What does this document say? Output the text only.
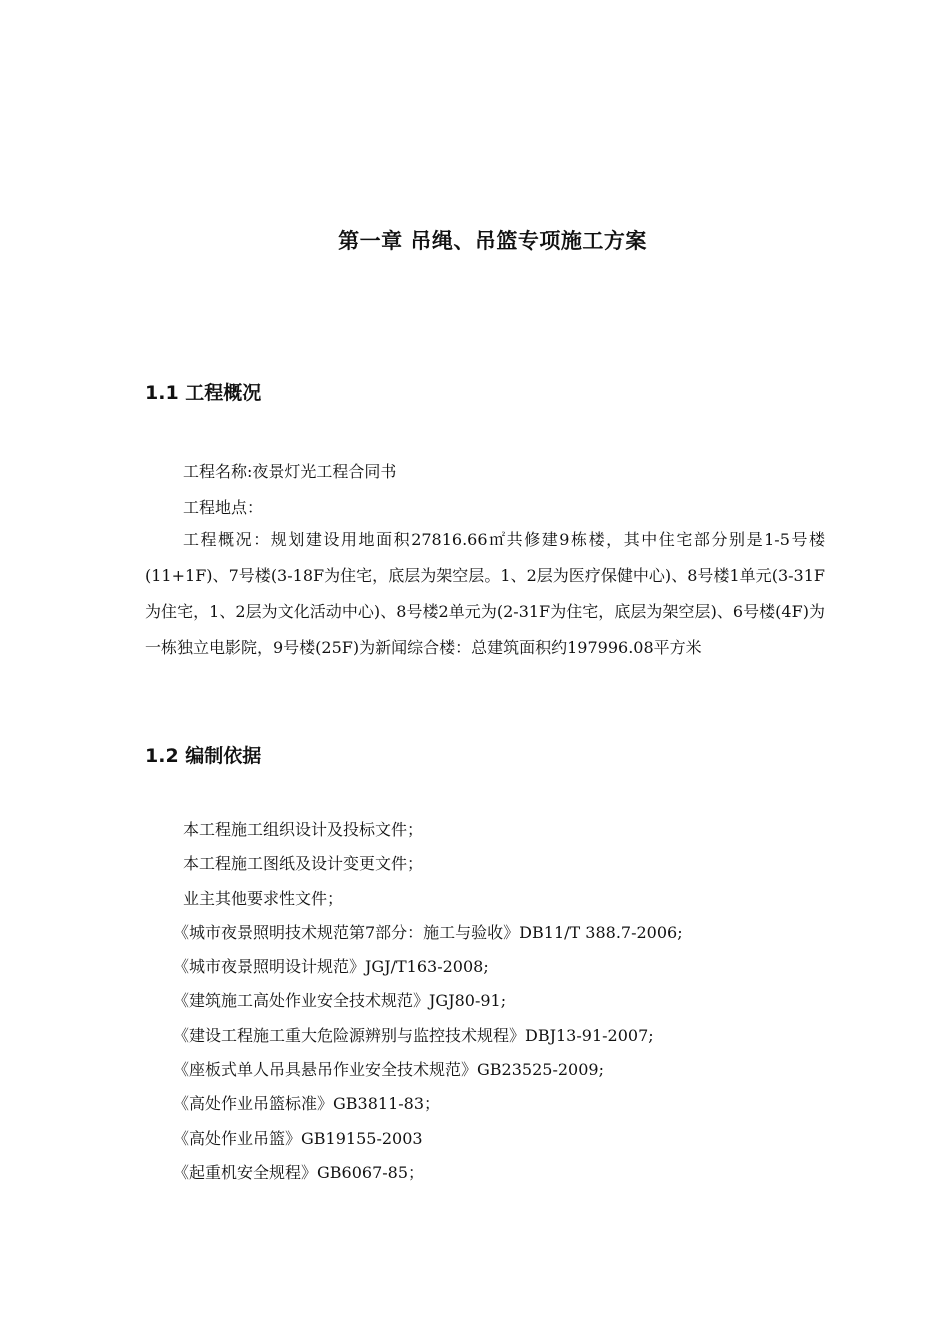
第一章 吊绳、吊篮专项施工方案
1.1 工程概况
工程名称:夜景灯光工程合同书
工程地点：

工程概况：规划建设用地面积27816.66㎡共修建9栋楼，其中住宅部分别是1-5号楼(11+1F)、7号楼(3-18F为住宅，底层为架空层。1、2层为医疗保健中心)、8号楼1单元(3-31F为住宅，1、2层为文化活动中心)、8号楼2单元为(2-31F为住宅，底层为架空层)、6号楼(4F)为一栋独立电影院，9号楼(25F)为新闻综合楼：总建筑面积约197996.08平方米

1.2 编制依据
本工程施工组织设计及投标文件；
本工程施工图纸及设计变更文件；
业主其他要求性文件；
《城市夜景照明技术规范第7部分：施工与验收》DB11/T 388.7-2006;
《城市夜景照明设计规范》JGJ/T163-2008;
《建筑施工高处作业安全技术规范》JGJ80-91;
《建设工程施工重大危险源辨别与监控技术规程》DBJ13-91-2007;
《座板式单人吊具悬吊作业安全技术规范》GB23525-2009;
《高处作业吊篮标准》GB3811-83；
《高处作业吊篮》GB19155-2003
《起重机安全规程》GB6067-85；
